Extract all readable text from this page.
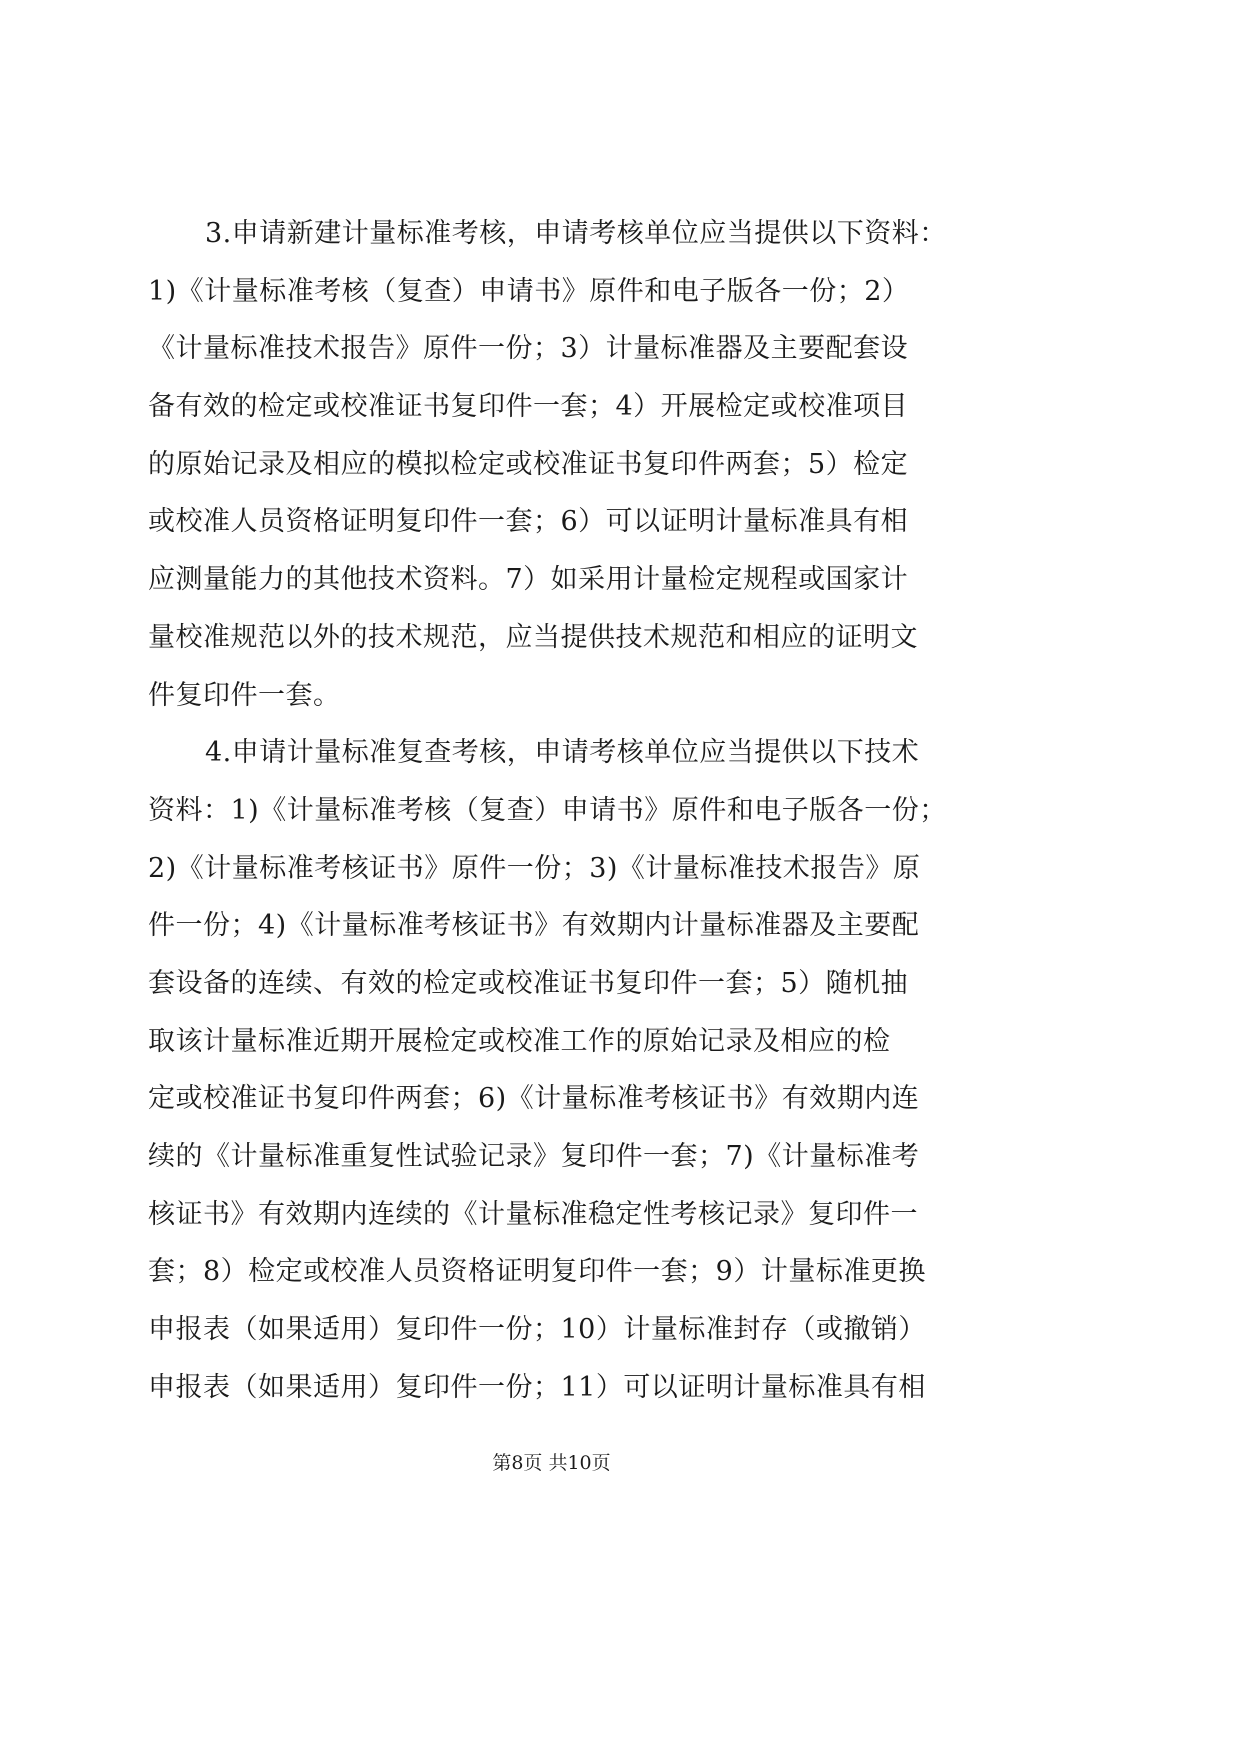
3.申请新建计量标准考核，申请考核单位应当提供以下资料：
1)《计量标准考核（复查）申请书》原件和电子版各一份；2）
《计量标准技术报告》原件一份；3）计量标准器及主要配套设
备有效的检定或校准证书复印件一套；4）开展检定或校准项目
的原始记录及相应的模拟检定或校准证书复印件两套；5）检定
或校准人员资格证明复印件一套；6）可以证明计量标准具有相
应测量能力的其他技术资料。7）如采用计量检定规程或国家计
量校准规范以外的技术规范，应当提供技术规范和相应的证明文
件复印件一套。
4.申请计量标准复查考核，申请考核单位应当提供以下技术
资料：1)《计量标准考核（复查）申请书》原件和电子版各一份；
2)《计量标准考核证书》原件一份；3)《计量标准技术报告》原
件一份；4)《计量标准考核证书》有效期内计量标准器及主要配
套设备的连续、有效的检定或校准证书复印件一套；5）随机抽
取该计量标准近期开展检定或校准工作的原始记录及相应的检
定或校准证书复印件两套；6)《计量标准考核证书》有效期内连
续的《计量标准重复性试验记录》复印件一套；7)《计量标准考
核证书》有效期内连续的《计量标准稳定性考核记录》复印件一
套；8）检定或校准人员资格证明复印件一套；9）计量标准更换
申报表（如果适用）复印件一份；10）计量标准封存（或撤销）
申报表（如果适用）复印件一份；11）可以证明计量标准具有相
第8页 共10页
